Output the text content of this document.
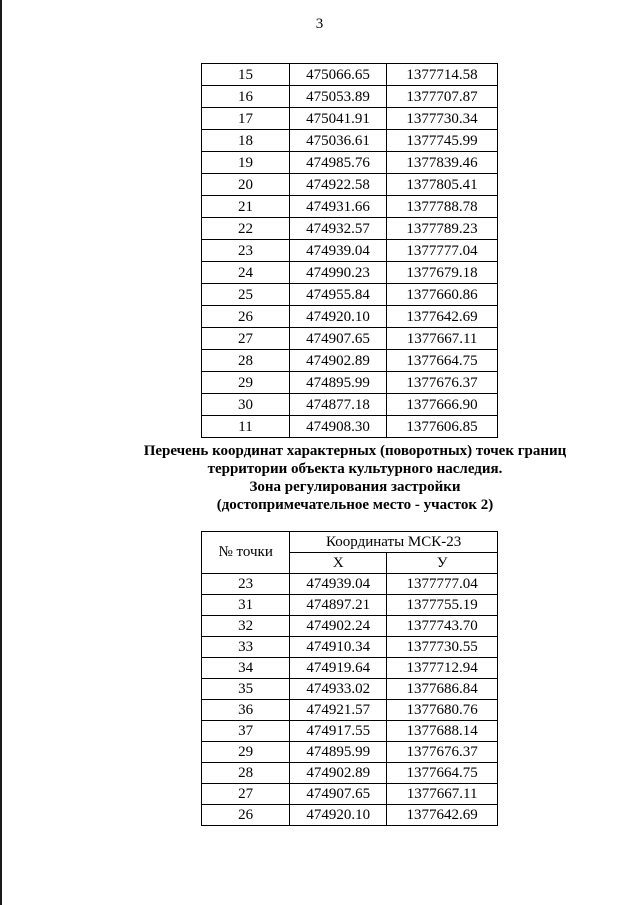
3
15	475066.65	1377714.58
16	475053.89	1377707.87
17	475041.91	1377730.34
18	475036.61	1377745.99
19	474985.76	1377839.46
20	474922.58	1377805.41
21	474931.66	1377788.78
22	474932.57	1377789.23
23	474939.04	1377777.04
24	474990.23	1377679.18
25	474955.84	1377660.86
26	474920.10	1377642.69
27	474907.65	1377667.11
28	474902.89	1377664.75
29	474895.99	1377676.37
30	474877.18	1377666.90
11	474908.30	1377606.85
Перечень координат характерных (поворотных) точек границ
территории объекта культурного наследия.
Зона регулирования застройки
(достопримечательное место - участок 2)
№ точки	Координаты МСК-23	
	Х	У
23	474939.04	1377777.04
31	474897.21	1377755.19
32	474902.24	1377743.70
33	474910.34	1377730.55
34	474919.64	1377712.94
35	474933.02	1377686.84
36	474921.57	1377680.76
37	474917.55	1377688.14
29	474895.99	1377676.37
28	474902.89	1377664.75
27	474907.65	1377667.11
26	474920.10	1377642.69
